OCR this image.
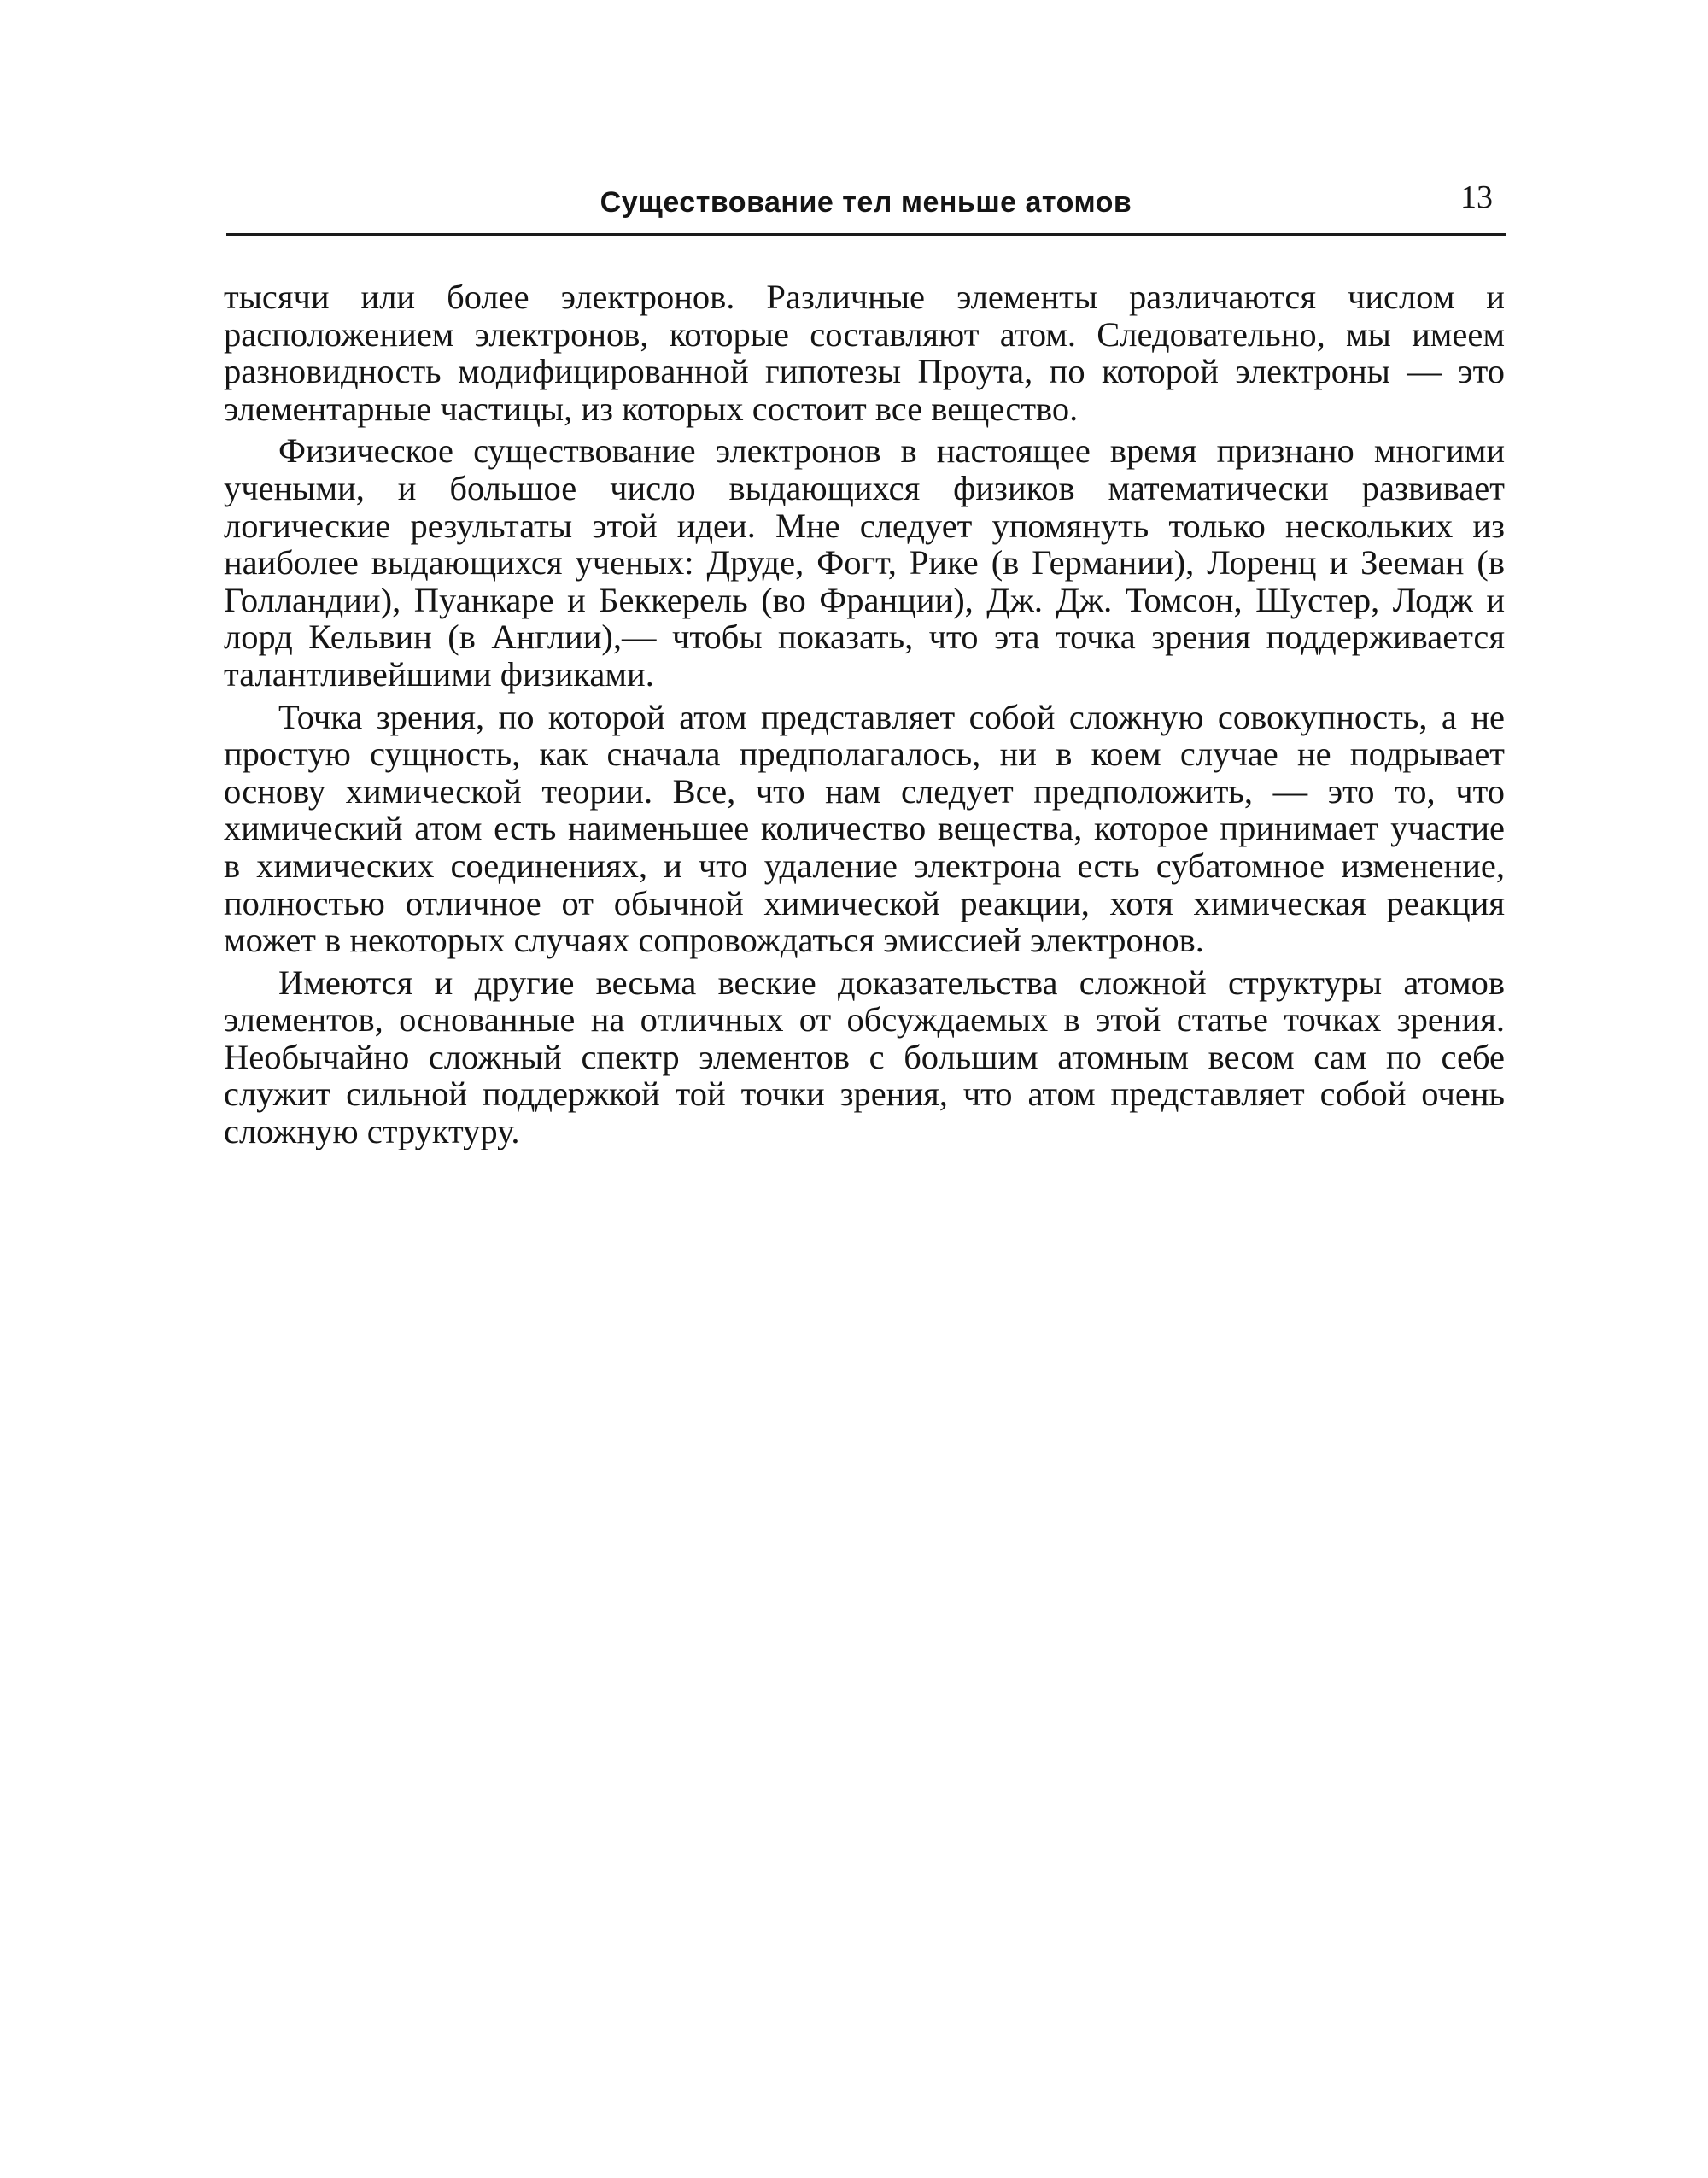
Существование тел меньше атомов	13

тысячи или более электронов. Различные элементы различаются числом и расположением электронов, которые составляют атом. Следовательно, мы имеем разновидность модифицированной гипотезы Проута, по которой электроны — это элементарные частицы, из которых состоит все вещество.

Физическое существование электронов в настоящее время признано многими учеными, и большое число выдающихся физиков математически развивает логические результаты этой идеи. Мне следует упомянуть только нескольких из наиболее выдающихся ученых: Друде, Фогт, Рике (в Германии), Лоренц и Зееман (в Голландии), Пуанкаре и Беккерель (во Франции), Дж. Дж. Томсон, Шустер, Лодж и лорд Кельвин (в Англии),— чтобы показать, что эта точка зрения поддерживается талантливейшими физиками.

Точка зрения, по которой атом представляет собой сложную совокупность, а не простую сущность, как сначала предполагалось, ни в коем случае не подрывает основу химической теории. Все, что нам следует предположить, — это то, что химический атом есть наименьшее количество вещества, которое принимает участие в химических соединениях, и что удаление электрона есть субатомное изменение, полностью отличное от обычной химической реакции, хотя химическая реакция может в некоторых случаях сопровождаться эмиссией электронов.

Имеются и другие весьма веские доказательства сложной структуры атомов элементов, основанные на отличных от обсуждаемых в этой статье точках зрения. Необычайно сложный спектр элементов с большим атомным весом сам по себе служит сильной поддержкой той точки зрения, что атом представляет собой очень сложную структуру.
